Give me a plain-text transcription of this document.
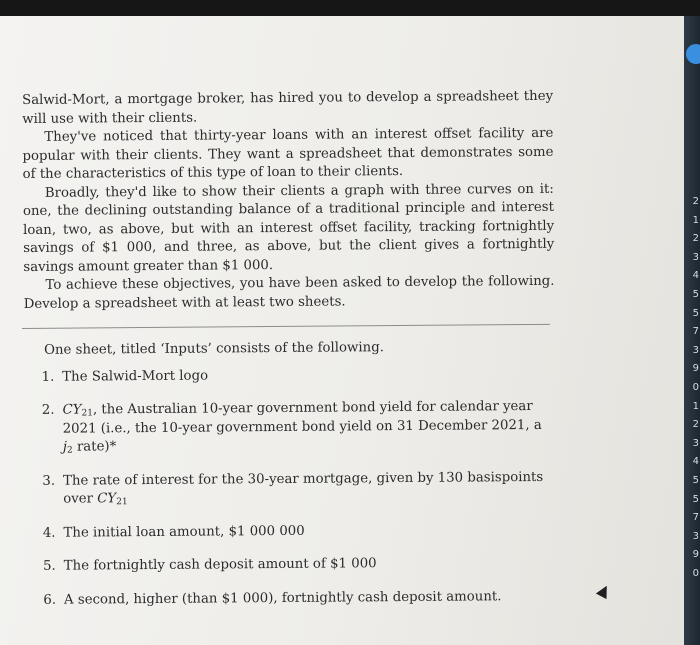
Salwid-Mort, a mortgage broker, has hired you to develop a spreadsheet they will use with their clients.

They've noticed that thirty-year loans with an interest offset facility are popular with their clients. They want a spreadsheet that demonstrates some of the characteristics of this type of loan to their clients.

Broadly, they'd like to show their clients a graph with three curves on it: one, the declining outstanding balance of a traditional principle and interest loan, two, as above, but with an interest offset facility, tracking fortnightly savings of $1 000, and three, as above, but the client gives a fortnightly savings amount greater than $1 000.

To achieve these objectives, you have been asked to develop the following. Develop a spreadsheet with at least two sheets.

One sheet, titled ‘Inputs’ consists of the following.

1. The Salwid-Mort logo
2. $CY_{21}$, the Australian 10-year government bond yield for calendar year 2021 (i.e., the 10-year government bond yield on 31 December 2021, a $j_2$ rate)*
3. The rate of interest for the 30-year mortgage, given by 130 basispoints over $CY_{21}$
4. The initial loan amount, $1 000 000
5. The fortnightly cash deposit amount of $1 000
6. A second, higher (than $1 000), fortnightly cash deposit amount.
2
1
2
3
4
5
5
7
3
9
0
1
2
3
4
5
5
7
3
9
0
